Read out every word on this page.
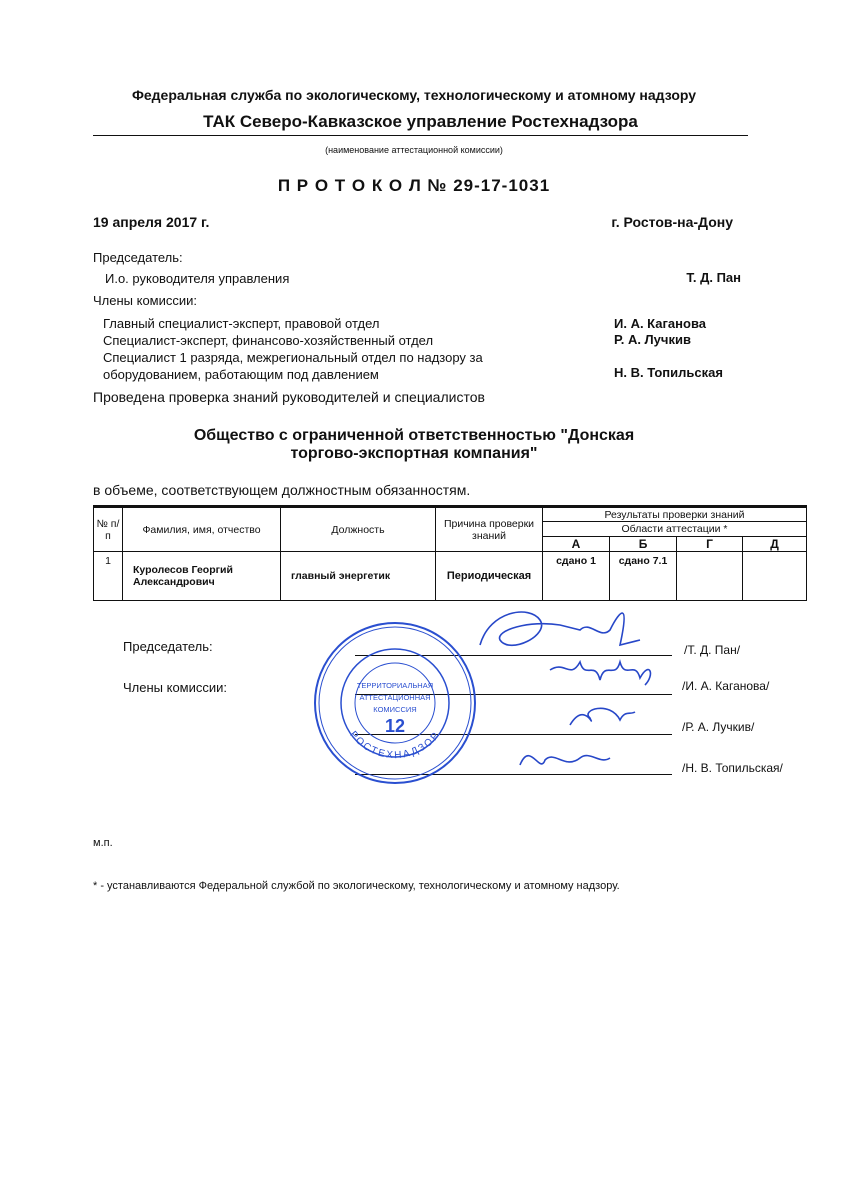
Федеральная служба по экологическому, технологическому и атомному надзору
ТАК Северо-Кавказское управление Ростехнадзора
(наименование аттестационной комиссии)
П Р О Т О К О Л № 29-17-1031
19 апреля 2017 г.	г. Ростов-на-Дону
Председатель:
И.о. руководителя управления	Т. Д. Пан
Члены комиссии:
Главный специалист-эксперт, правовой отдел	И. А. Каганова
Специалист-эксперт, финансово-хозяйственный отдел	Р. А. Лучкив
Специалист 1 разряда, межрегиональный отдел по надзору за
оборудованием, работающим под давлением	Н. В. Топильская
Проведена проверка знаний руководителей и специалистов
Общество с ограниченной ответственностью "Донская
торгово-экспортная компания"
в объеме, соответствующем должностным обязанностям.
№ п/п	Фамилия, имя, отчество	Должность	Причина проверки знаний	Результаты проверки знаний			
				Области аттестации *			
				А	Б	Г	Д
1	Куролесов Георгий Александрович	главный энергетик	Периодическая	сдано 1	сдано 7.1		
Председатель:
Члены комиссии:
/Т. Д. Пан/
/И. А. Каганова/
/Р. А. Лучкив/
/Н. В. Топильская/
ТЕРРИТОРИАЛЬНАЯ
АТТЕСТАЦИОННАЯ
КОМИССИЯ
12
РОСТЕХНАДЗОР
м.п.
* - устанавливаются Федеральной службой по экологическому, технологическому и атомному надзору.
